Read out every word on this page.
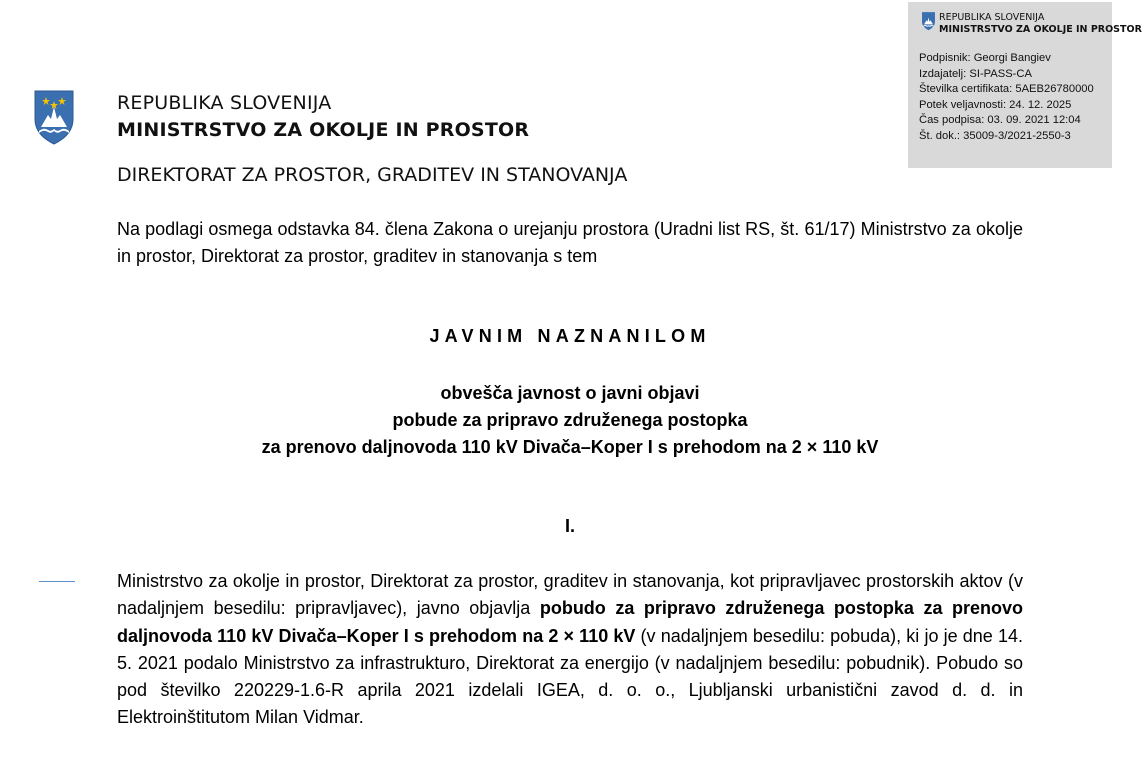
REPUBLIKA SLOVENIJA
MINISTRSTVO ZA OKOLJE IN PROSTOR
DIREKTORAT ZA PROSTOR, GRADITEV IN STANOVANJA
REPUBLIKA SLOVENIJA
MINISTRSTVO ZA OKOLJE IN PROSTOR
Podpisnik: Georgi Bangiev
Izdajatelj: SI-PASS-CA
Številka certifikata: 5AEB26780000
Potek veljavnosti: 24. 12. 2025
Čas podpisa: 03. 09. 2021 12:04
Št. dok.: 35009-3/2021-2550-3
Na podlagi osmega odstavka 84. člena Zakona o urejanju prostora (Uradni list RS, št. 61/17) Ministrstvo za okolje in prostor, Direktorat za prostor, graditev in stanovanja s tem
JAVNIM NAZNANILOM
obvešča javnost o javni objavi
pobude za pripravo združenega postopka
za prenovo daljnovoda 110 kV Divača–Koper I s prehodom na 2 × 110 kV
I.
Ministrstvo za okolje in prostor, Direktorat za prostor, graditev in stanovanja, kot pripravljavec prostorskih aktov (v nadaljnjem besedilu: pripravljavec), javno objavlja pobudo za pripravo združenega postopka za prenovo daljnovoda 110 kV Divača–Koper I s prehodom na 2 × 110 kV (v nadaljnjem besedilu: pobuda), ki jo je dne 14. 5. 2021 podalo Ministrstvo za infrastrukturo, Direktorat za energijo (v nadaljnjem besedilu: pobudnik). Pobudo so pod številko 220229-1.6-R aprila 2021 izdelali IGEA, d. o. o., Ljubljanski urbanistični zavod d. d. in Elektroinštitutom Milan Vidmar.
